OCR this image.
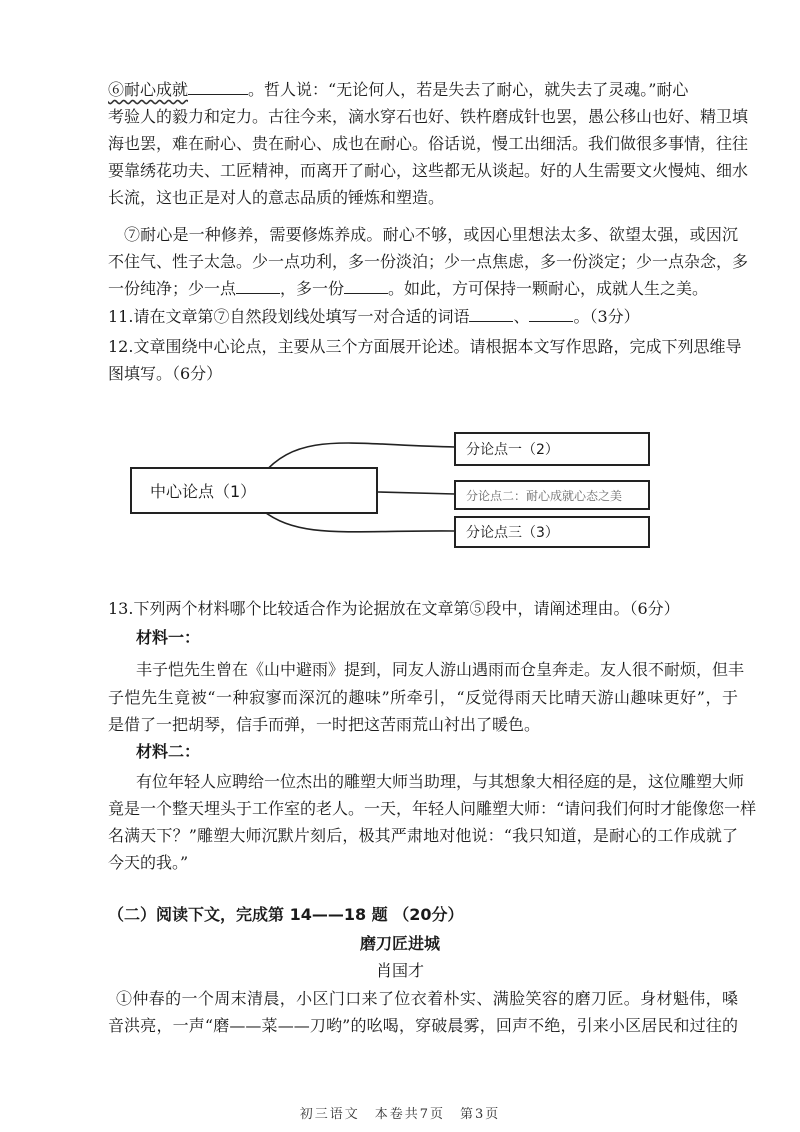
⑥耐心成就	。哲人说：“无论何人，若是失去了耐心，就失去了灵魂。”耐心
考验人的毅力和定力。古往今来，滴水穿石也好、铁杵磨成针也罢，愚公移山也好、精卫填
海也罢，难在耐心、贵在耐心、成也在耐心。俗话说，慢工出细活。我们做很多事情，往往
要靠绣花功夫、工匠精神，而离开了耐心，这些都无从谈起。好的人生需要文火慢炖、细水
长流，这也正是对人的意志品质的锤炼和塑造。
⑦耐心是一种修养，需要修炼养成。耐心不够，或因心里想法太多、欲望太强，或因沉
不住气、性子太急。少一点功利，多一份淡泊；少一点焦虑，多一份淡定；少一点杂念，多
一份纯净；少一点	，多一份	。如此，方可保持一颗耐心，成就人生之美。
11.请在文章第⑦自然段划线处填写一对合适的词语	、	。（3分）
12.文章围绕中心论点，主要从三个方面展开论述。请根据本文写作思路，完成下列思维导
图填写。（6分）
中心论点（1）
分论点一（2）
分论点二：耐心成就心态之美
分论点三（3）
13.下列两个材料哪个比较适合作为论据放在文章第⑤段中，请阐述理由。（6分）
材料一：
丰子恺先生曾在《山中避雨》提到，同友人游山遇雨而仓皇奔走。友人很不耐烦，但丰
子恺先生竟被“一种寂寥而深沉的趣味”所牵引，“反觉得雨天比晴天游山趣味更好”，于
是借了一把胡琴，信手而弹，一时把这苦雨荒山衬出了暖色。
材料二：
有位年轻人应聘给一位杰出的雕塑大师当助理，与其想象大相径庭的是，这位雕塑大师
竟是一个整天埋头于工作室的老人。一天，年轻人问雕塑大师：“请问我们何时才能像您一样
名满天下？”雕塑大师沉默片刻后，极其严肃地对他说：“我只知道，是耐心的工作成就了
今天的我。”
（二）阅读下文，完成第 14——18 题 （20分）
磨刀匠进城
肖国才
①仲春的一个周末清晨，小区门口来了位衣着朴实、满脸笑容的磨刀匠。身材魁伟，嗓
音洪亮，一声“磨——菜——刀哟”的吆喝，穿破晨雾，回声不绝，引来小区居民和过往的
初三语文　本卷共7页　第3页
